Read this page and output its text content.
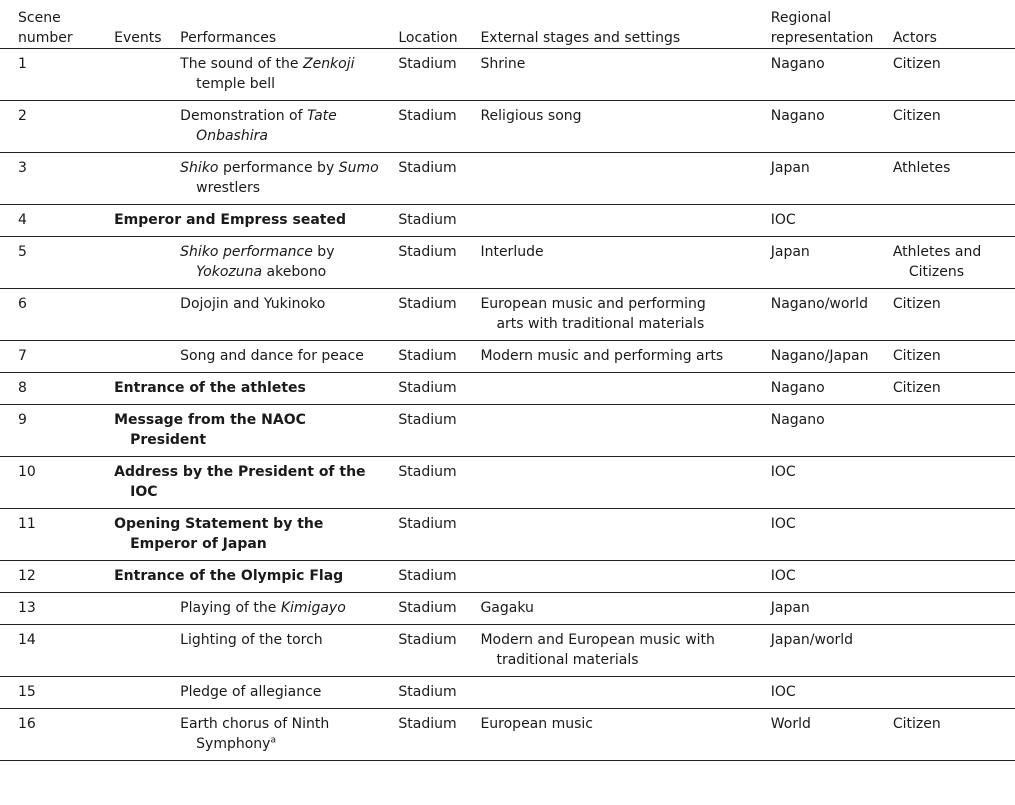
Scene number	Events	Performances	Location	External stages and settings	Regional representation	Actors

1		The sound of the Zenkoji temple bell	Stadium	Shrine	Nagano	Citizen

2		Demonstration of Tate Onbashira	Stadium	Religious song	Nagano	Citizen

3		Shiko performance by Sumo wrestlers	Stadium		Japan	Athletes

4	Emperor and Empress seated		Stadium		IOC	

5		Shiko performance by Yokozuna akebono	Stadium	Interlude	Japan	Athletes and Citizens

6		Dojojin and Yukinoko	Stadium	European music and performing arts with traditional materials	Nagano/world	Citizen

7		Song and dance for peace	Stadium	Modern music and performing arts	Nagano/Japan	Citizen

8	Entrance of the athletes		Stadium		Nagano	Citizen

9	Message from the NAOC President		Stadium		Nagano	

10	Address by the President of the IOC		Stadium		IOC	

11	Opening Statement by the Emperor of Japan		Stadium		IOC	

12	Entrance of the Olympic Flag		Stadium		IOC	

13		Playing of the Kimigayo	Stadium	Gagaku	Japan	

14		Lighting of the torch	Stadium	Modern and European music with traditional materials	Japan/world	

15		Pledge of allegiance	Stadium		IOC	

16		Earth chorus of Ninth Symphony$^a$	Stadium	European music	World	Citizen
